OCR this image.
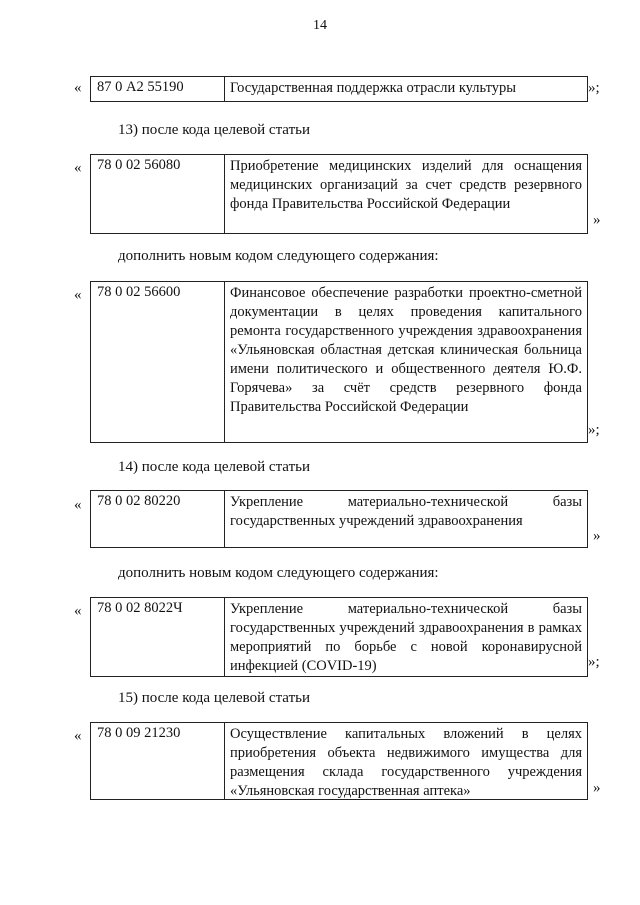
14
«	87 0 А2 55190	Государственная поддержка отрасли культуры	»;
13) после кода целевой статьи
«	78 0 02 56080	Приобретение медицинских изделий для оснащения медицинских организаций за счет средств резервного фонда Правительства Российской Федерации
»
дополнить новым кодом следующего содержания:
«	78 0 02 56600	Финансовое обеспечение разработки проектно-сметной документации в целях проведения капитального ремонта государственного учреждения здравоохранения «Ульяновская областная детская клиническая больница имени политического и общественного деятеля Ю.Ф. Горячева» за счёт средств резервного фонда Правительства Российской Федерации
»;
14) после кода целевой статьи
«	78 0 02 80220	Укрепление материально-технической базы государственных учреждений здравоохранения
»
дополнить новым кодом следующего содержания:
«	78 0 02 8022Ч	Укрепление материально-технической базы государственных учреждений здравоохранения в рамках мероприятий по борьбе с новой коронавирусной инфекцией (COVID-19)	»;
15) после кода целевой статьи
«	78 0 09 21230	Осуществление капитальных вложений в целях приобретения объекта недвижимого имущества для размещения склада государственного учреждения «Ульяновская государственная аптека»	»
